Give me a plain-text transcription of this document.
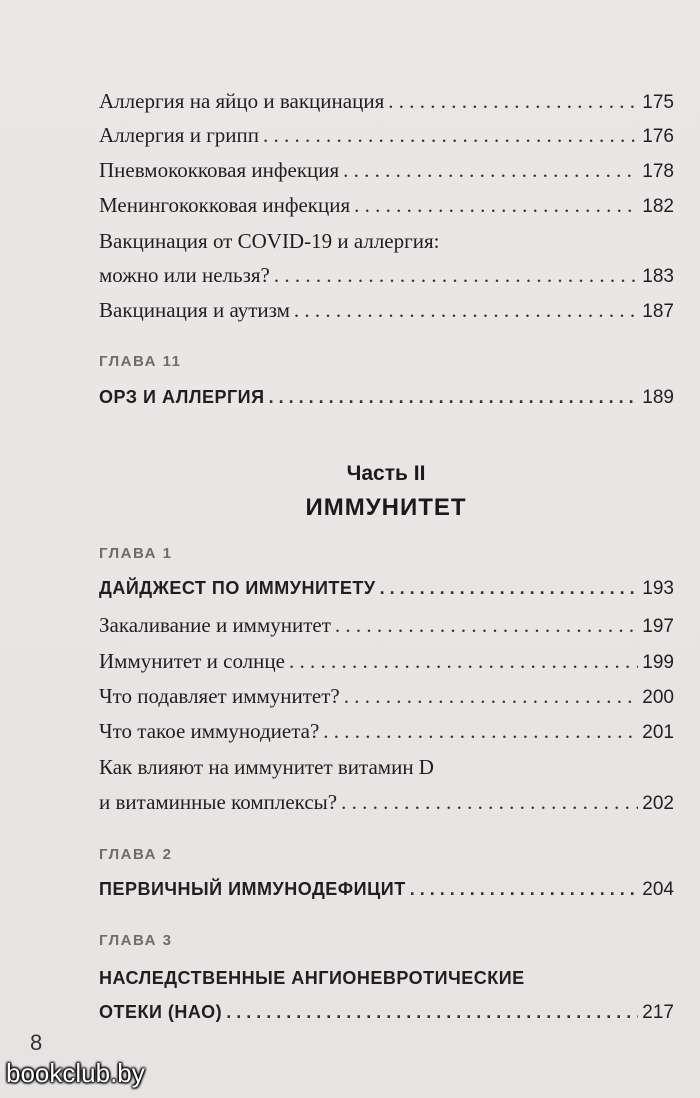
Аллергия на яйцо и вакцинация . . .	175
Аллергия и грипп . . .	176
Пневмококковая инфекция . . .	178
Менингококковая инфекция . . .	182
Вакцинация от COVID-19 и аллергия:
можно или нельзя? . . .	183
Вакцинация и аутизм . . .	187
ГЛАВА 11
ОРЗ И АЛЛЕРГИЯ . . .	189
Часть II
ИММУНИТЕТ
ГЛАВА 1
ДАЙДЖЕСТ ПО ИММУНИТЕТУ . . .	193
Закаливание и иммунитет . . .	197
Иммунитет и солнце . . .	199
Что подавляет иммунитет? . . .	200
Что такое иммунодиета? . . .	201
Как влияют на иммунитет витамин D
и витаминные комплексы? . . .	202
ГЛАВА 2
ПЕРВИЧНЫЙ ИММУНОДЕФИЦИТ . . .	204
ГЛАВА 3
НАСЛЕДСТВЕННЫЕ АНГИОНЕВРОТИЧЕСКИЕ
ОТЕКИ (НАО) . . .	217
8
bookclub.by
